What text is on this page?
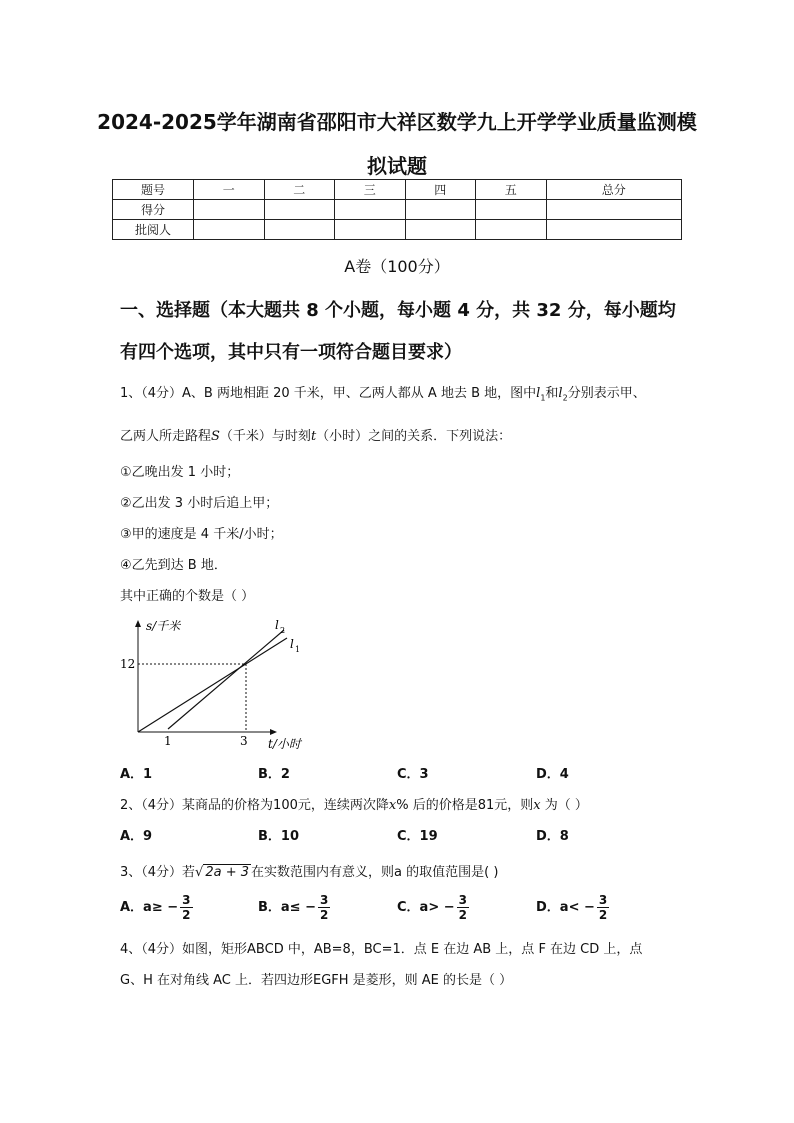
2024-2025学年湖南省邵阳市大祥区数学九上开学学业质量监测模
拟试题
题号	一	二	三	四	五	总分
得分						
批阅人						
A卷（100分）
一、选择题（本大题共 8 个小题，每小题 4 分，共 32 分，每小题均
有四个选项，其中只有一项符合题目要求）
1、（4分）A、B 两地相距 20 千米，甲、乙两人都从 A 地去 B 地，图中$l_1$和$l_2$分别表示甲、
乙两人所走路程S（千米）与时刻t（小时）之间的关系．下列说法：
①乙晚出发 1 小时；
②乙出发 3 小时后追上甲；
③甲的速度是 4 千米/小时；
④乙先到达 B 地．
其中正确的个数是（ ）
s/千米
t/小时
12
1	3
l 2
l 1
A．1	B．2	C．3	D．4
2、（4分）某商品的价格为100元，连续两次降x% 后的价格是81元，则x 为（ ）
A．9	B．10	C．19	D．8
3、（4分）若√ 2a + 3 在实数范围内有意义，则a 的取值范围是( )
A．$a\ge - \frac{3}{2}$	B．$a\le - \frac{3}{2}$	C．$a> - \frac{3}{2}$	D．$a< - \frac{3}{2}$
4、（4分）如图，矩形ABCD 中，AB=8，BC=1．点 E 在边 AB 上，点 F 在边 CD 上，点
G、H 在对角线 AC 上．若四边形EGFH 是菱形，则 AE 的长是（ ）
